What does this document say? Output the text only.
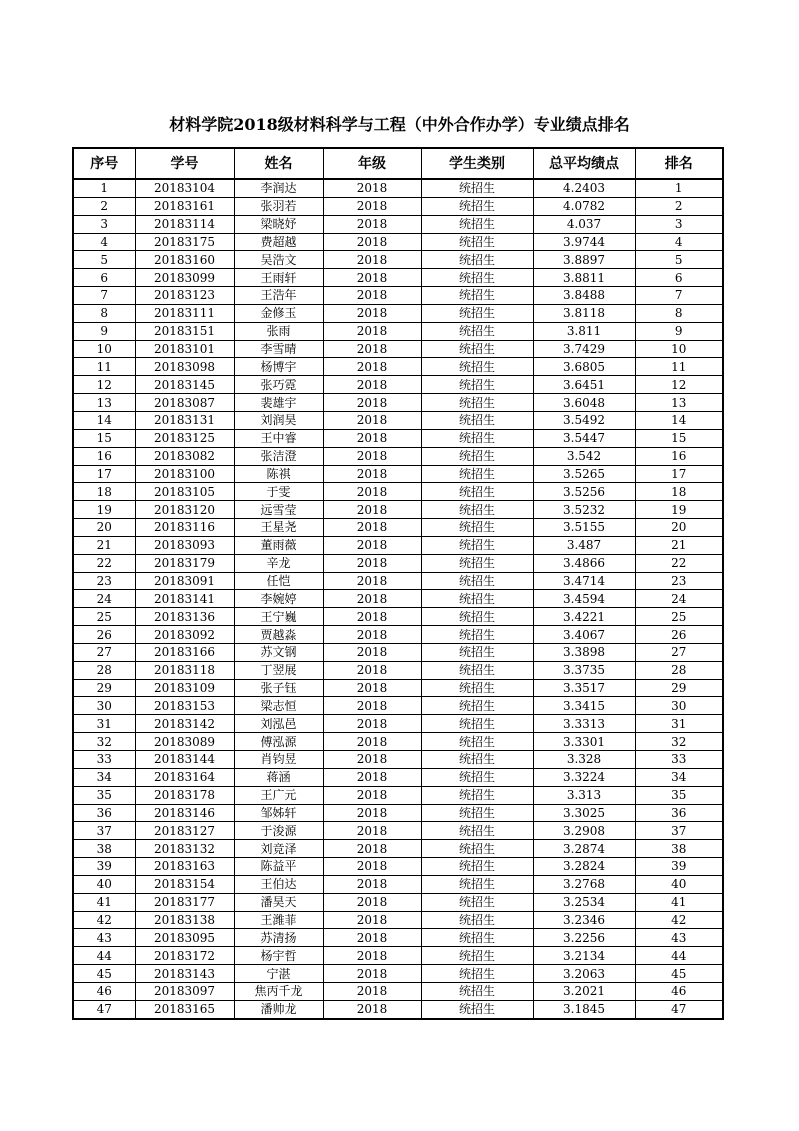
材料学院2018级材料科学与工程（中外合作办学）专业绩点排名
序号	学号	姓名	年级	学生类别	总平均绩点	排名
1	20183104	李润达	2018	统招生	4.2403	1
2	20183161	张羽若	2018	统招生	4.0782	2
3	20183114	梁晓妤	2018	统招生	4.037	3
4	20183175	费超越	2018	统招生	3.9744	4
5	20183160	吴浩文	2018	统招生	3.8897	5
6	20183099	王雨轩	2018	统招生	3.8811	6
7	20183123	王浩年	2018	统招生	3.8488	7
8	20183111	金修玉	2018	统招生	3.8118	8
9	20183151	张雨	2018	统招生	3.811	9
10	20183101	李雪晴	2018	统招生	3.7429	10
11	20183098	杨博宇	2018	统招生	3.6805	11
12	20183145	张巧霓	2018	统招生	3.6451	12
13	20183087	裴雄宇	2018	统招生	3.6048	13
14	20183131	刘润昊	2018	统招生	3.5492	14
15	20183125	王中睿	2018	统招生	3.5447	15
16	20183082	张洁澄	2018	统招生	3.542	16
17	20183100	陈祺	2018	统招生	3.5265	17
18	20183105	于雯	2018	统招生	3.5256	18
19	20183120	远雪莹	2018	统招生	3.5232	19
20	20183116	王星尧	2018	统招生	3.5155	20
21	20183093	董雨薇	2018	统招生	3.487	21
22	20183179	辛龙	2018	统招生	3.4866	22
23	20183091	任恺	2018	统招生	3.4714	23
24	20183141	李婉婷	2018	统招生	3.4594	24
25	20183136	王宁巍	2018	统招生	3.4221	25
26	20183092	贾越淼	2018	统招生	3.4067	26
27	20183166	苏文钢	2018	统招生	3.3898	27
28	20183118	丁翌展	2018	统招生	3.3735	28
29	20183109	张子钰	2018	统招生	3.3517	29
30	20183153	梁志恒	2018	统招生	3.3415	30
31	20183142	刘泓邑	2018	统招生	3.3313	31
32	20183089	傅泓源	2018	统招生	3.3301	32
33	20183144	肖钧昱	2018	统招生	3.328	33
34	20183164	蒋涵	2018	统招生	3.3224	34
35	20183178	王广元	2018	统招生	3.313	35
36	20183146	邹姊轩	2018	统招生	3.3025	36
37	20183127	于浚源	2018	统招生	3.2908	37
38	20183132	刘竞泽	2018	统招生	3.2874	38
39	20183163	陈益平	2018	统招生	3.2824	39
40	20183154	王伯达	2018	统招生	3.2768	40
41	20183177	潘昊天	2018	统招生	3.2534	41
42	20183138	王潍菲	2018	统招生	3.2346	42
43	20183095	苏清扬	2018	统招生	3.2256	43
44	20183172	杨宇哲	2018	统招生	3.2134	44
45	20183143	宁湛	2018	统招生	3.2063	45
46	20183097	焦丙千龙	2018	统招生	3.2021	46
47	20183165	潘帅龙	2018	统招生	3.1845	47
